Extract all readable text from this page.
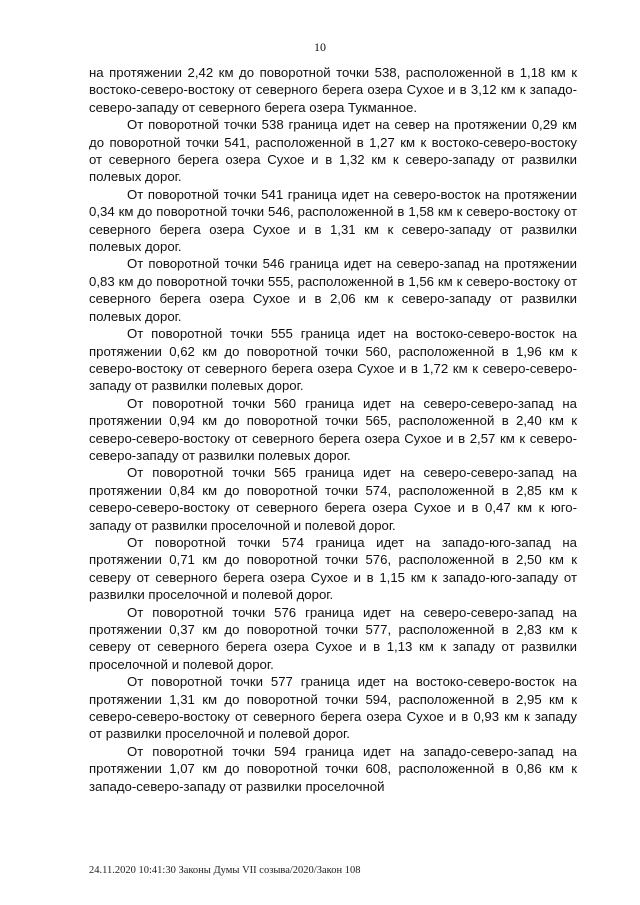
10

на протяжении 2,42 км до поворотной точки 538, расположенной в 1,18 км к востоко-северо-востоку от северного берега озера Сухое и в 3,12 км к западо-северо-западу от северного берега озера Тукманное.

От поворотной точки 538 граница идет на север на протяжении 0,29 км до поворотной точки 541, расположенной в 1,27 км к востоко-северо-востоку от северного берега озера Сухое и в 1,32 км к северо-западу от развилки полевых дорог.

От поворотной точки 541 граница идет на северо-восток на протяжении 0,34 км до поворотной точки 546, расположенной в 1,58 км к северо-востоку от северного берега озера Сухое и в 1,31 км к северо-западу от развилки полевых дорог.

От поворотной точки 546 граница идет на северо-запад на протяжении 0,83 км до поворотной точки 555, расположенной в 1,56 км к северо-востоку от северного берега озера Сухое и в 2,06 км к северо-западу от развилки полевых дорог.

От поворотной точки 555 граница идет на востоко-северо-восток на протяжении 0,62 км до поворотной точки 560, расположенной в 1,96 км к северо-востоку от северного берега озера Сухое и в 1,72 км к северо-северо-западу от развилки полевых дорог.

От поворотной точки 560 граница идет на северо-северо-запад на протяжении 0,94 км до поворотной точки 565, расположенной в 2,40 км к северо-северо-востоку от северного берега озера Сухое и в 2,57 км к северо-северо-западу от развилки полевых дорог.

От поворотной точки 565 граница идет на северо-северо-запад на протяжении 0,84 км до поворотной точки 574, расположенной в 2,85 км к северо-северо-востоку от северного берега озера Сухое и в 0,47 км к юго-западу от развилки проселочной и полевой дорог.

От поворотной точки 574 граница идет на западо-юго-запад на протяжении 0,71 км до поворотной точки 576, расположенной в 2,50 км к северу от северного берега озера Сухое и в 1,15 км к западо-юго-западу от развилки проселочной и полевой дорог.

От поворотной точки 576 граница идет на северо-северо-запад на протяжении 0,37 км до поворотной точки 577, расположенной в 2,83 км к северу от северного берега озера Сухое и в 1,13 км к западу от развилки проселочной и полевой дорог.

От поворотной точки 577 граница идет на востоко-северо-восток на протяжении 1,31 км до поворотной точки 594, расположенной в 2,95 км к северо-северо-востоку от северного берега озера Сухое и в 0,93 км к западу от развилки проселочной и полевой дорог.

От поворотной точки 594 граница идет на западо-северо-запад на протяжении 1,07 км до поворотной точки 608, расположенной в 0,86 км к западо-северо-западу от развилки проселочной

24.11.2020 10:41:30 Законы Думы VII созыва/2020/Закон 108
